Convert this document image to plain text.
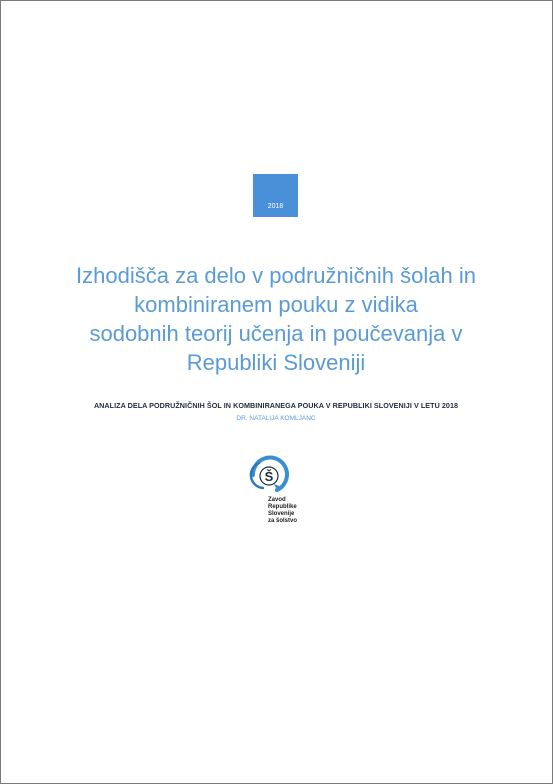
2018
Izhodišča za delo v podružničnih šolah in
kombiniranem pouku z vidika
sodobnih teorij učenja in poučevanja v
Republiki Sloveniji
ANALIZA DELA PODRUŽNIČNIH ŠOL IN KOMBINIRANEGA POUKA V REPUBLIKI SLOVENIJI V LETU 2018
DR. NATALIJA KOMLJANC
Š
Zavod
Republike
Slovenije
za šolstvo
